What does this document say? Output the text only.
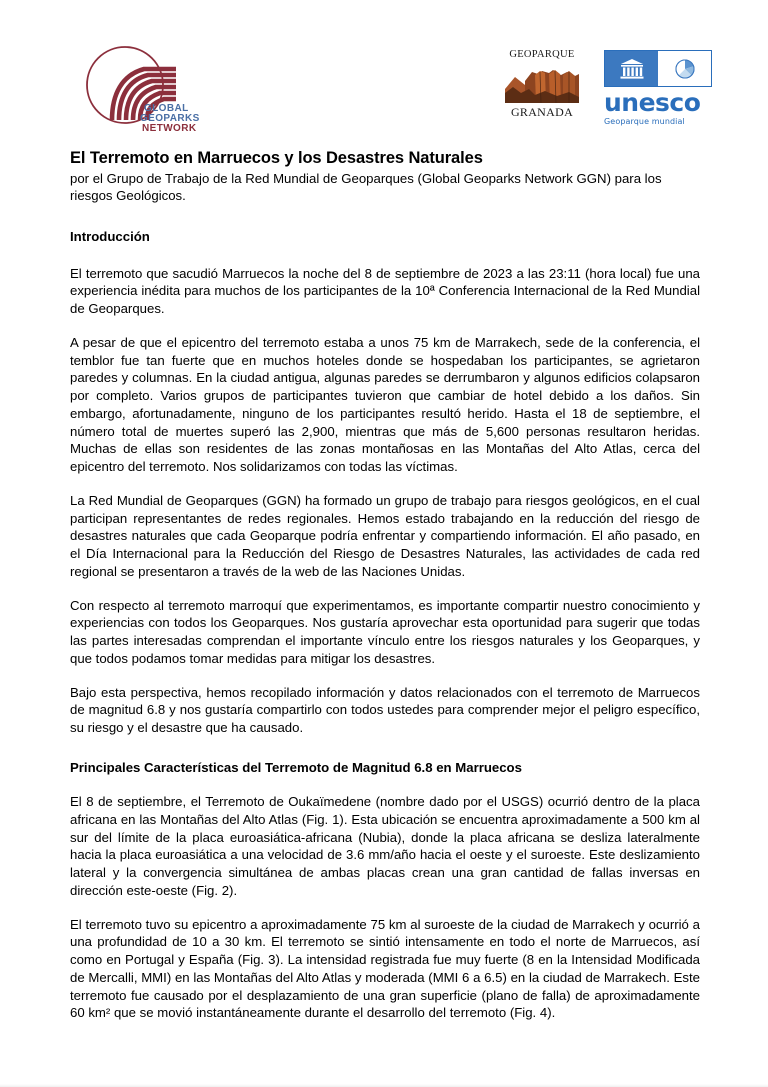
GLOBAL
GEOPARKS
NETWORK
GEOPARQUE
GRANADA unesco
Geoparque mundial
El Terremoto en Marruecos y los Desastres Naturales

por el Grupo de Trabajo de la Red Mundial de Geoparques (Global Geoparks Network GGN) para los riesgos Geológicos.

Introducción

El terremoto que sacudió Marruecos la noche del 8 de septiembre de 2023 a las 23:11 (hora local) fue una experiencia inédita para muchos de los participantes de la 10ª Conferencia Internacional de la Red Mundial de Geoparques.

A pesar de que el epicentro del terremoto estaba a unos 75 km de Marrakech, sede de la conferencia, el temblor fue tan fuerte que en muchos hoteles donde se hospedaban los participantes, se agrietaron paredes y columnas. En la ciudad antigua, algunas paredes se derrumbaron y algunos edificios colapsaron por completo. Varios grupos de participantes tuvieron que cambiar de hotel debido a los daños. Sin embargo, afortunadamente, ninguno de los participantes resultó herido. Hasta el 18 de septiembre, el número total de muertes superó las 2,900, mientras que más de 5,600 personas resultaron heridas. Muchas de ellas son residentes de las zonas montañosas en las Montañas del Alto Atlas, cerca del epicentro del terremoto. Nos solidarizamos con todas las víctimas.

La Red Mundial de Geoparques (GGN) ha formado un grupo de trabajo para riesgos geológicos, en el cual participan representantes de redes regionales. Hemos estado trabajando en la reducción del riesgo de desastres naturales que cada Geoparque podría enfrentar y compartiendo información. El año pasado, en el Día Internacional para la Reducción del Riesgo de Desastres Naturales, las actividades de cada red regional se presentaron a través de la web de las Naciones Unidas.

Con respecto al terremoto marroquí que experimentamos, es importante compartir nuestro conocimiento y experiencias con todos los Geoparques. Nos gustaría aprovechar esta oportunidad para sugerir que todas las partes interesadas comprendan el importante vínculo entre los riesgos naturales y los Geoparques, y que todos podamos tomar medidas para mitigar los desastres.

Bajo esta perspectiva, hemos recopilado información y datos relacionados con el terremoto de Marruecos de magnitud 6.8 y nos gustaría compartirlo con todos ustedes para comprender mejor el peligro específico, su riesgo y el desastre que ha causado.

Principales Características del Terremoto de Magnitud 6.8 en Marruecos

El 8 de septiembre, el Terremoto de Oukaïmedene (nombre dado por el USGS) ocurrió dentro de la placa africana en las Montañas del Alto Atlas (Fig. 1). Esta ubicación se encuentra aproximadamente a 500 km al sur del límite de la placa euroasiática-africana (Nubia), donde la placa africana se desliza lateralmente hacia la placa euroasiática a una velocidad de 3.6 mm/año hacia el oeste y el suroeste. Este deslizamiento lateral y la convergencia simultánea de ambas placas crean una gran cantidad de fallas inversas en dirección este-oeste (Fig. 2).

El terremoto tuvo su epicentro a aproximadamente 75 km al suroeste de la ciudad de Marrakech y ocurrió a una profundidad de 10 a 30 km. El terremoto se sintió intensamente en todo el norte de Marruecos, así como en Portugal y España (Fig. 3). La intensidad registrada fue muy fuerte (8 en la Intensidad Modificada de Mercalli, MMI) en las Montañas del Alto Atlas y moderada (MMI 6 a 6.5) en la ciudad de Marrakech. Este terremoto fue causado por el desplazamiento de una gran superficie (plano de falla) de aproximadamente 60 km² que se movió instantáneamente durante el desarrollo del terremoto (Fig. 4).
